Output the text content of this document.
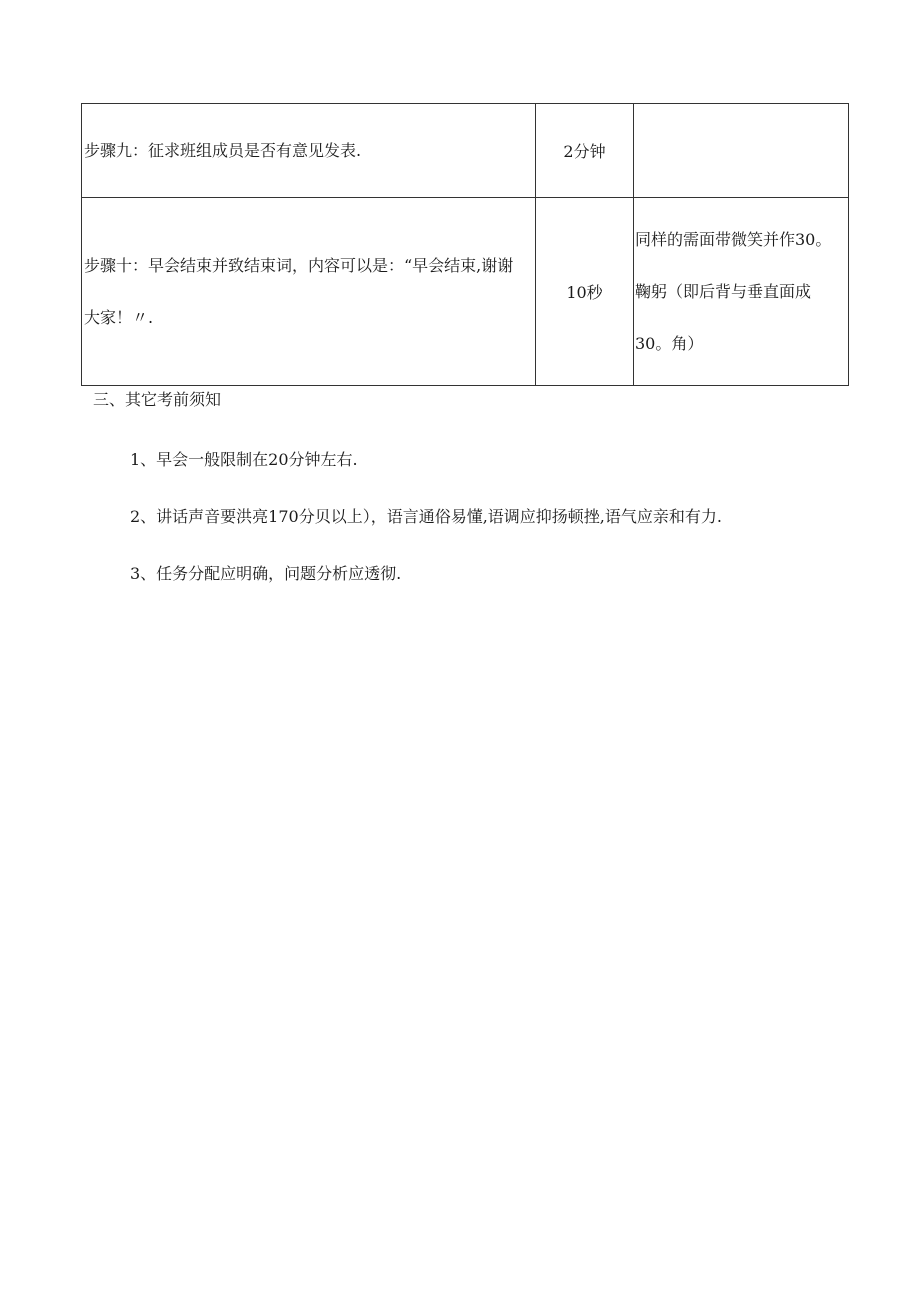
步骤九：征求班组成员是否有意见发表.	2分钟	
步骤十：早会结束并致结束词，内容可以是：“早会结束,谢谢大家！〃.	10秒	同样的需面带微笑并作30。鞠躬（即后背与垂直面成30。角）
三、其它考前须知
1、早会一般限制在20分钟左右.
2、讲话声音要洪亮170分贝以上），语言通俗易懂,语调应抑扬顿挫,语气应亲和有力.
3、任务分配应明确，问题分析应透彻.
